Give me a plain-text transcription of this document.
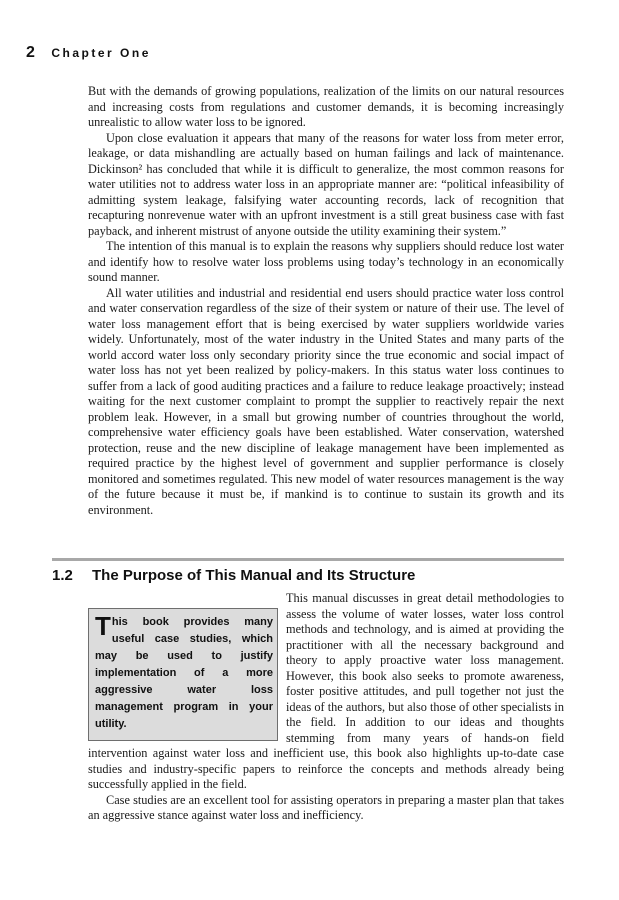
2 Chapter One

But with the demands of growing populations, realization of the limits on our natural resources and increasing costs from regulations and customer demands, it is becoming increasingly unrealistic to allow water loss to be ignored.

Upon close evaluation it appears that many of the reasons for water loss from meter error, leakage, or data mishandling are actually based on human failings and lack of maintenance. Dickinson² has concluded that while it is difficult to generalize, the most common reasons for water utilities not to address water loss in an appropriate manner are: “political infeasibility of admitting system leakage, falsifying water accounting records, lack of recognition that recapturing nonrevenue water with an upfront investment is a still great business case with fast payback, and inherent mistrust of anyone outside the utility examining their system.”

The intention of this manual is to explain the reasons why suppliers should reduce lost water and identify how to resolve water loss problems using today’s technology in an economically sound manner.

All water utilities and industrial and residential end users should practice water loss control and water conservation regardless of the size of their system or nature of their use. The level of water loss management effort that is being exercised by water suppliers worldwide varies widely. Unfortunately, most of the water industry in the United States and many parts of the world accord water loss only secondary priority since the true economic and social impact of water loss has not yet been realized by policy-makers. In this status water loss continues to suffer from a lack of good auditing practices and a failure to reduce leakage proactively; instead waiting for the next customer complaint to prompt the supplier to reactively repair the next problem leak. However, in a small but growing number of countries throughout the world, comprehensive water efficiency goals have been established. Water conservation, watershed protection, reuse and the new discipline of leakage management have been implemented as required practice by the highest level of government and supplier performance is closely monitored and sometimes regulated. This new model of water resources management is the way of the future because it must be, if mankind is to continue to sustain its growth and its environment.

1.2 The Purpose of This Manual and Its Structure
This book provides many useful case studies, which may be used to justify implementation of a more aggressive water loss management program in your utility.

This manual discusses in great detail methodologies to assess the volume of water losses, water loss control methods and technology, and is aimed at providing the practitioner with all the necessary background and theory to apply proactive water loss management. However, this book also seeks to promote awareness, foster positive attitudes, and pull together not just the ideas of the authors, but also those of other specialists in the field. In addition to our ideas and thoughts stemming from many years of hands-on field intervention against water loss and inefficient use, this book also highlights up-to-date case studies and industry-specific papers to reinforce the concepts and methods already being successfully applied in the field.

Case studies are an excellent tool for assisting operators in preparing a master plan that takes an aggressive stance against water loss and inefficiency.
